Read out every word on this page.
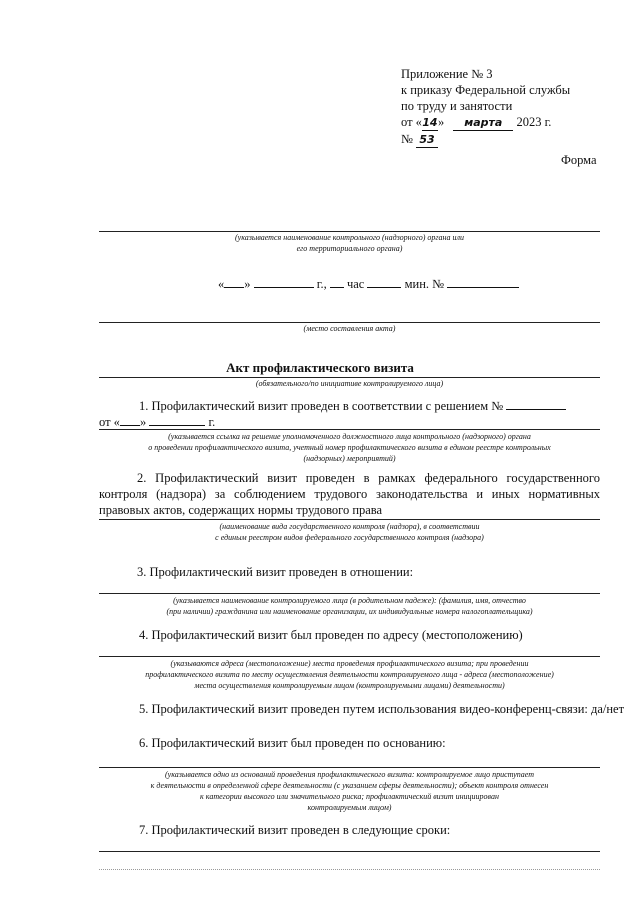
Приложение № 3
к приказу Федеральной службы
по труду и занятости
от «14» марта 2023 г.
№ 53
Форма
(указывается наименование контрольного (надзорного) органа или
его территориального органа)
« »	г., час	мин. №
(место составления акта)
Акт профилактического визита
(обязательного/по инициативе контролируемого лица)
1. Профилактический визит проведен в соответствии с решением №
от « »	г.
(указывается ссылка на решение уполномоченного должностного лица контрольного (надзорного) органа
о проведении профилактического визита, учетный номер профилактического визита в едином реестре контрольных
(надзорных) мероприятий)
2. Профилактический визит проведен в рамках федерального государственного контроля (надзора) за соблюдением трудового законодательства и иных нормативных правовых актов, содержащих нормы трудового права
(наименование вида государственного контроля (надзора), в соответствии
с единым реестром видов федерального государственного контроля (надзора)
3. Профилактический визит проведен в отношении:
(указывается наименование контролируемого лица (в родительном падеже): (фамилия, имя, отчество
(при наличии) гражданина или наименование организации, их индивидуальные номера налогоплательщика)
4. Профилактический визит был проведен по адресу (местоположению)
(указываются адреса (местоположение) места проведения профилактического визита; при проведении
профилактического визита по месту осуществления деятельности контролируемого лица - адреса (местоположение)
места осуществления контролируемым лицом (контролируемыми лицами) деятельности)
5. Профилактический визит проведен путем использования видео-конференц-связи: да/нет
6. Профилактический визит был проведен по основанию:
(указывается одно из оснований проведения профилактического визита: контролируемое лицо приступает
к деятельности в определенной сфере деятельности (с указанием сферы деятельности); объект контроля отнесен
к категории высокого или значительного риска; профилактический визит инициирован
контролируемым лицом)
7. Профилактический визит проведен в следующие сроки:
